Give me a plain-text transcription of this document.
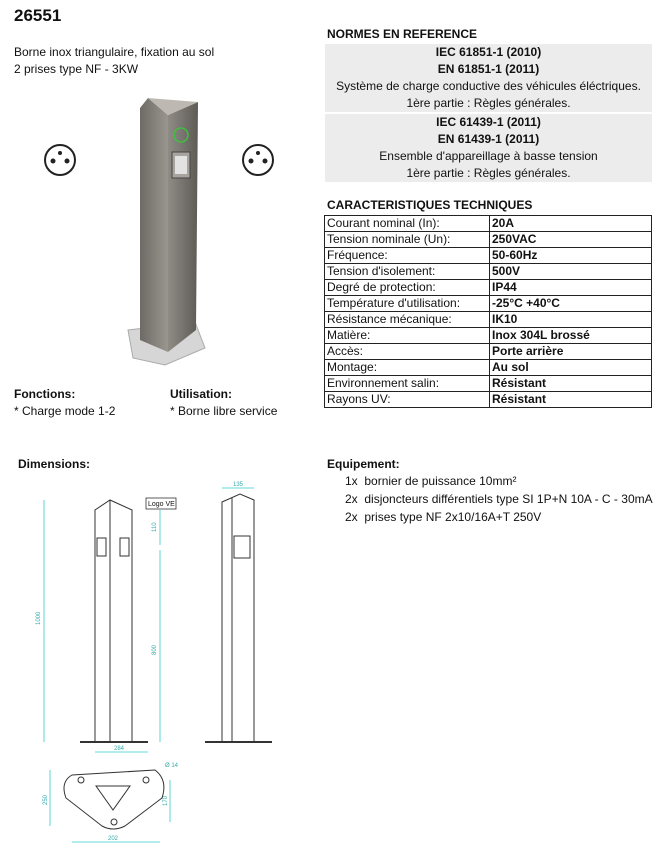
26551
Borne inox triangulaire, fixation au sol
2 prises type NF - 3KW
NORMES EN REFERENCE
IEC 61851-1 (2010)
EN 61851-1 (2011)
Système de charge conductive des véhicules éléctriques.
1ère partie : Règles générales.
IEC 61439-1 (2011)
EN 61439-1 (2011)
Ensemble d'appareillage à basse tension
1ère partie : Règles générales.
CARACTERISTIQUES TECHNIQUES
Courant nominal (In):	20A
Tension nominale (Un):	250VAC
Fréquence:	50-60Hz
Tension d'isolement:	500V
Degré de protection:	IP44
Température d'utilisation:	-25°C +40°C
Résistance mécanique:	IK10
Matière:	Inox 304L brossé
Accès:	Porte arrière
Montage:	Au sol
Environnement salin:	Résistant
Rayons UV:	Résistant
Fonctions:
* Charge mode 1-2
Utilisation:
* Borne libre service
Dimensions:
1000
800
110
284
135
250	170
Ø 14
202
Logo VE
Equipement:
1x bornier de puissance 10mm²
2x disjoncteurs différentiels type SI 1P+N 10A - C - 30mA
2x prises type NF 2x10/16A+T 250V
